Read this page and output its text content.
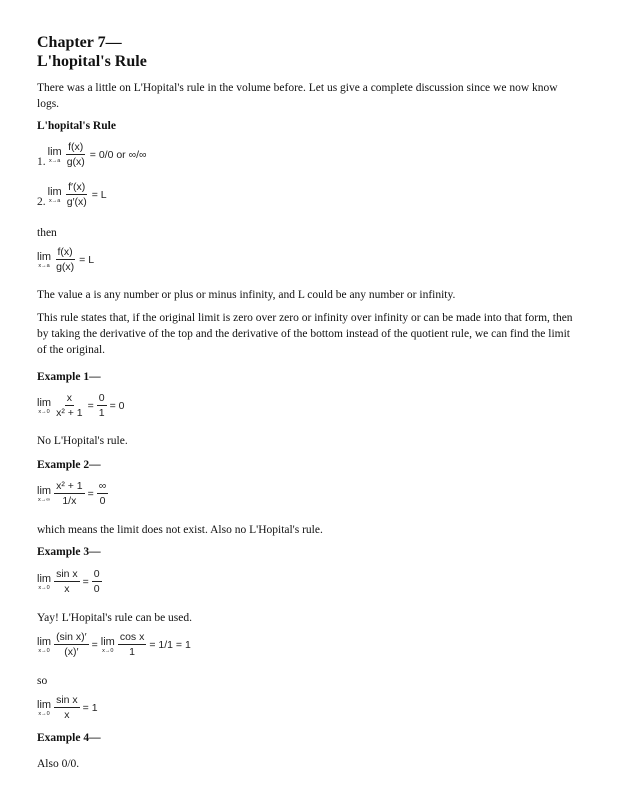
Chapter 7—
L'hopital's Rule
There was a little on L'Hopital's rule in the volume before. Let us give a complete discussion since we now know logs.
L'hopital's Rule
1.
lim
$x\to a \frac{f(x)}{g(x)} = 0/0$ or ∞/∞
2.
lim
$x\to a \frac{f'(x)}{g'(x)} = L$
then
lim
$x\to a \frac{f(x)}{g(x)} = L$
The value a is any number or plus or minus infinity, and L could be any number or infinity.
This rule states that, if the original limit is zero over zero or infinity over infinity or can be made into that form, then by taking the derivative of the top and the derivative of the bottom instead of the quotient rule, we can find the limit of the original.
Example 1—
lim
$x\to 0 \frac{x}{\text{x² + 1}} = \frac{0}{1} = 0$
No L'Hopital's rule.
Example 2—
lim
$x\to\infty \frac{\text{x² + 1}}{1/x} = \frac{\infty}{0}$
which means the limit does not exist. Also no L'Hopital's rule.
Example 3—
lim
$x\to 0 \frac{\text{sin x}}{x} = \frac{0}{0}$
Yay! L'Hopital's rule can be used.
lim
$x\to 0 \frac{\text{(sin x)′}}{(x)'} = \lim$
$x\to 0 \frac{\text{cos x}}{1} = 1/1 = 1$
so
lim
$x\to 0 \frac{\text{sin x}}{x} = 1$
Example 4—
Also 0/0.
